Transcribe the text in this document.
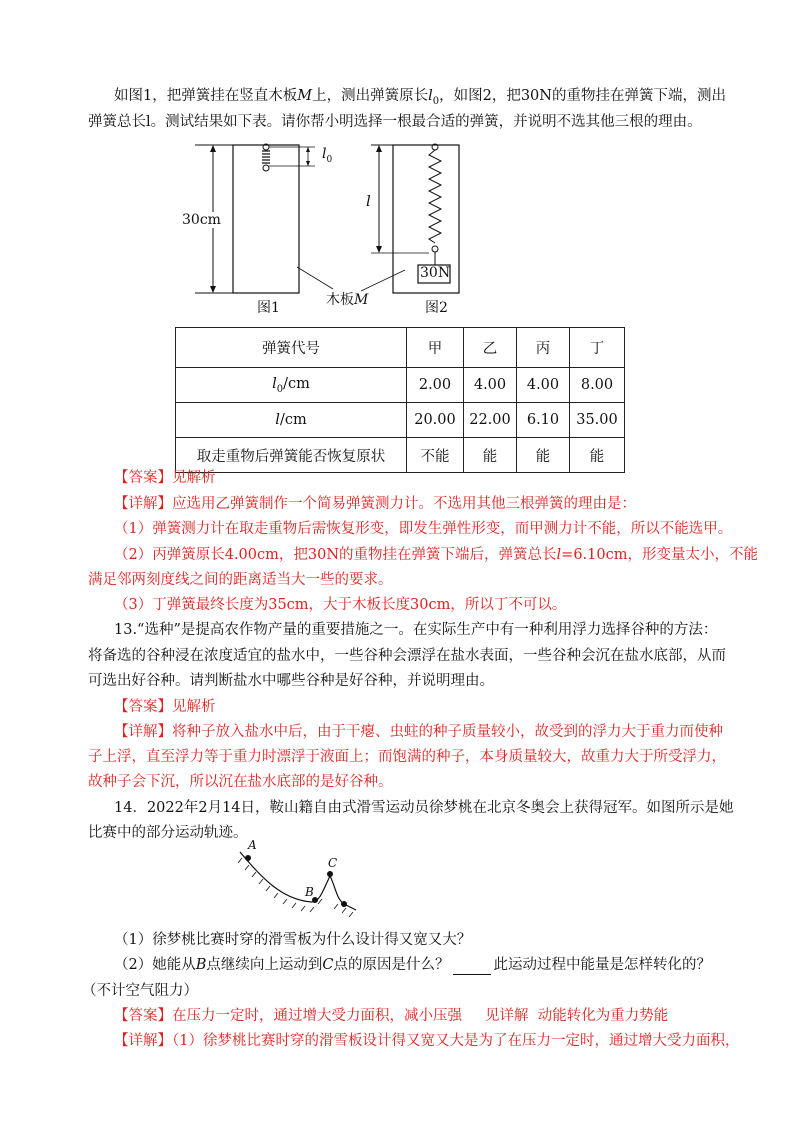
如图1，把弹簧挂在竖直木板M上，测出弹簧原长$l_0$，如图2，把30N的重物挂在弹簧下端，测出
弹簧总长l。测试结果如下表。请你帮小明选择一根最合适的弹簧，并说明不选其他三根的理由。
30cm
$l_0$
图1	木板M
l
30N
图2
弹簧代号	甲	乙	丙	丁
$l_0/cm$	2.00	4.00	4.00	8.00
l/cm	20.00	22.00	6.10	35.00
取走重物后弹簧能否恢复原状	不能	能	能	能
【答案】见解析
【详解】应选用乙弹簧制作一个简易弹簧测力计。不选用其他三根弹簧的理由是：
（1）弹簧测力计在取走重物后需恢复形变，即发生弹性形变，而甲测力计不能，所以不能选甲。
（2）丙弹簧原长4.00cm，把30N的重物挂在弹簧下端后，弹簧总长l=6.10cm，形变量太小，不能
满足邻两刻度线之间的距离适当大一些的要求。
（3）丁弹簧最终长度为35cm，大于木板长度30cm，所以丁不可以。
13.“选种”是提高农作物产量的重要措施之一。在实际生产中有一种利用浮力选择谷种的方法：
将备选的谷种浸在浓度适宜的盐水中，一些谷种会漂浮在盐水表面，一些谷种会沉在盐水底部，从而
可选出好谷种。请判断盐水中哪些谷种是好谷种，并说明理由。
【答案】见解析
【详解】将种子放入盐水中后，由于干瘪、虫蛀的种子质量较小，故受到的浮力大于重力而使种
子上浮，直至浮力等于重力时漂浮于液面上；而饱满的种子，本身质量较大，故重力大于所受浮力，
故种子会下沉，所以沉在盐水底部的是好谷种。
14．2022年2月14日，鞍山籍自由式滑雪运动员徐梦桃在北京冬奥会上获得冠军。如图所示是她
比赛中的部分运动轨迹。
A
B
C
（1）徐梦桃比赛时穿的滑雪板为什么设计得又宽又大？
（2）她能从B点继续向上运动到C点的原因是什么？	此运动过程中能量是怎样转化的？
（不计空气阻力）
【答案】在压力一定时，通过增大受力面积，减小压强     见详解  动能转化为重力势能
【详解】（1）徐梦桃比赛时穿的滑雪板设计得又宽又大是为了在压力一定时，通过增大受力面积，
